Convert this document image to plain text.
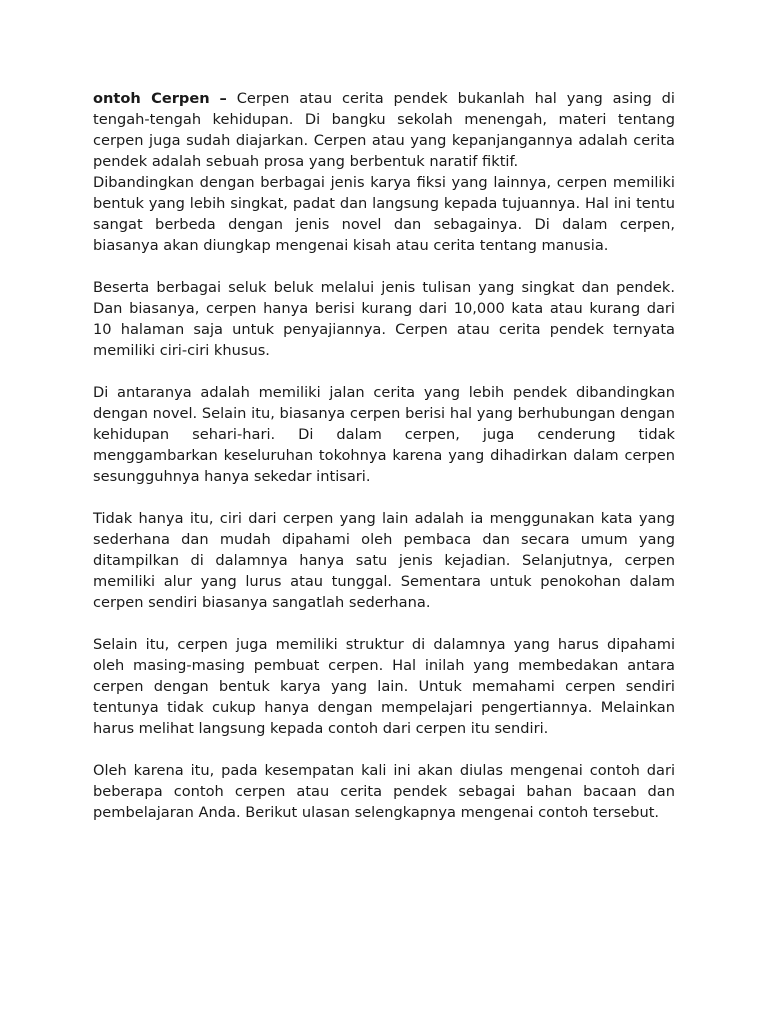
ontoh Cerpen – Cerpen atau cerita pendek bukanlah hal yang asing di tengah-tengah kehidupan. Di bangku sekolah menengah, materi tentang cerpen juga sudah diajarkan. Cerpen atau yang kepanjangannya adalah cerita pendek adalah sebuah prosa yang berbentuk naratif fiktif.

Dibandingkan dengan berbagai jenis karya fiksi yang lainnya, cerpen memiliki bentuk yang lebih singkat, padat dan langsung kepada tujuannya. Hal ini tentu sangat berbeda dengan jenis novel dan sebagainya. Di dalam cerpen, biasanya akan diungkap mengenai kisah atau cerita tentang manusia.

Beserta berbagai seluk beluk melalui jenis tulisan yang singkat dan pendek. Dan biasanya, cerpen hanya berisi kurang dari 10,000 kata atau kurang dari 10 halaman saja untuk penyajiannya. Cerpen atau cerita pendek ternyata memiliki ciri-ciri khusus.

Di antaranya adalah memiliki jalan cerita yang lebih pendek dibandingkan dengan novel. Selain itu, biasanya cerpen berisi hal yang berhubungan dengan kehidupan sehari-hari. Di dalam cerpen, juga cenderung tidak menggambarkan keseluruhan tokohnya karena yang dihadirkan dalam cerpen sesungguhnya hanya sekedar intisari.

Tidak hanya itu, ciri dari cerpen yang lain adalah ia menggunakan kata yang sederhana dan mudah dipahami oleh pembaca dan secara umum yang ditampilkan di dalamnya hanya satu jenis kejadian. Selanjutnya, cerpen memiliki alur yang lurus atau tunggal. Sementara untuk penokohan dalam cerpen sendiri biasanya sangatlah sederhana.

Selain itu, cerpen juga memiliki struktur di dalamnya yang harus dipahami oleh masing-masing pembuat cerpen. Hal inilah yang membedakan antara cerpen dengan bentuk karya yang lain. Untuk memahami cerpen sendiri tentunya tidak cukup hanya dengan mempelajari pengertiannya. Melainkan harus melihat langsung kepada contoh dari cerpen itu sendiri.

Oleh karena itu, pada kesempatan kali ini akan diulas mengenai contoh dari beberapa contoh cerpen atau cerita pendek sebagai bahan bacaan dan pembelajaran Anda. Berikut ulasan selengkapnya mengenai contoh tersebut.
